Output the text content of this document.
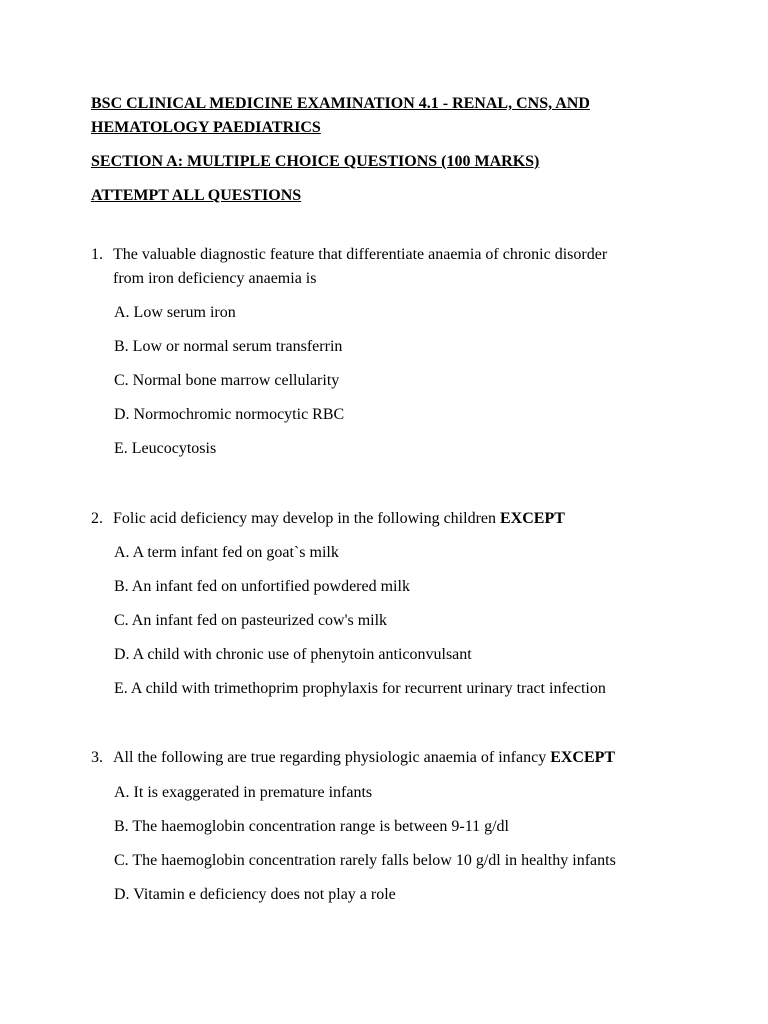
BSC CLINICAL MEDICINE EXAMINATION 4.1 - RENAL, CNS, AND
HEMATOLOGY PAEDIATRICS
SECTION A: MULTIPLE CHOICE QUESTIONS (100 MARKS)
ATTEMPT ALL QUESTIONS
1. The valuable diagnostic feature that differentiate anaemia of chronic disorder
from iron deficiency anaemia is
A. Low serum iron
B. Low or normal serum transferrin
C. Normal bone marrow cellularity
D. Normochromic normocytic RBC
E. Leucocytosis
2. Folic acid deficiency may develop in the following children EXCEPT
A. A term infant fed on goat`s milk
B. An infant fed on unfortified powdered milk
C. An infant fed on pasteurized cow's milk
D. A child with chronic use of phenytoin anticonvulsant
E. A child with trimethoprim prophylaxis for recurrent urinary tract infection
3. All the following are true regarding physiologic anaemia of infancy EXCEPT
A. It is exaggerated in premature infants
B. The haemoglobin concentration range is between 9-11 g/dl
C. The haemoglobin concentration rarely falls below 10 g/dl in healthy infants
D. Vitamin e deficiency does not play a role
